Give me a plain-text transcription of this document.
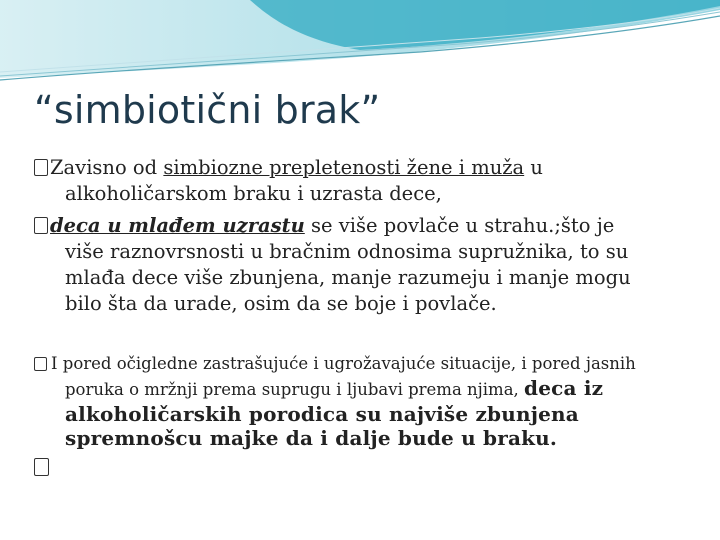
“simbiotični brak”
Zavisno od simbiozne prepletenosti žene i muža u
alkoholičarskom braku i uzrasta dece,
deca u mlađem uzrastu se više povlače u strahu.;što je
više raznovrsnosti u bračnim odnosima supružnika, to su
mlađa dece više zbunjena, manje razumeju i manje mogu
bilo šta da urade, osim da se boje i povlače.
I pored očigledne zastrašujuće i ugrožavajuće situacije, i pored jasnih
poruka o mržnji prema suprugu i ljubavi prema njima, deca iz
alkoholičarskih porodica su najviše zbunjena
spremnošcu majke da i dalje bude u braku.
